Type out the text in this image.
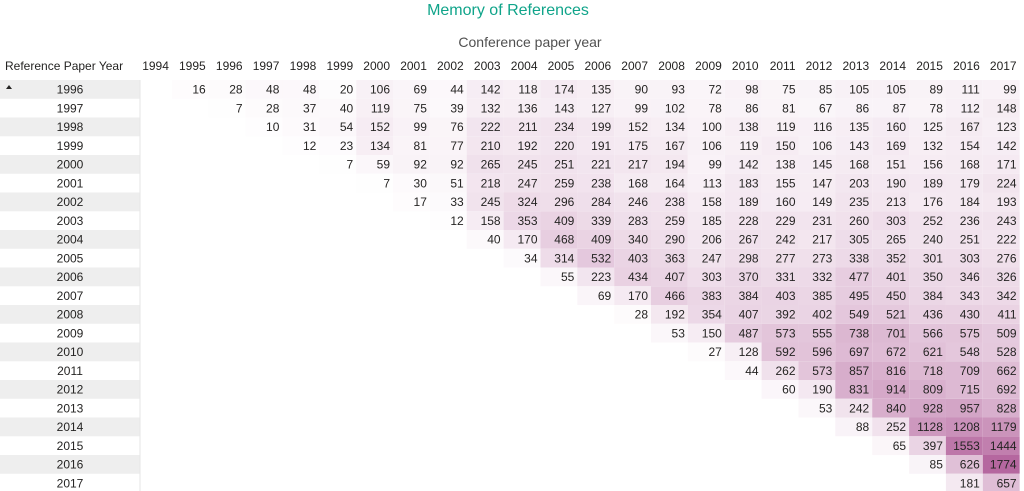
Memory of References
Conference paper year
16 28 48 48 20 106 69 44 142 118 174 135 90 93 72 98 75 85 105 105 89 111 99
7 28 37 40 119 75 39 132 136 143 127 99 102 78 86 81 67 86 87 78 112 148
10 31 54 152 99 76 222 211 234 199 152 134 100 138 119 116 135 160 125 167 123
12 23 134 81 77 210 192 220 191 175 167 106 119 150 106 143 169 132 154 142
7 59 92 92 265 245 251 221 217 194 99 142 138 145 168 151 156 168 171
7 30 51 218 247 259 238 168 164 113 183 155 147 203 190 189 179 224
17 33 245 324 296 284 246 238 158 189 160 149 235 213 176 184 193
12 158 353 409 339 283 259 185 228 229 231 260 303 252 236 243
40 170 468 409 340 290 206 267 242 217 305 265 240 251 222
34 314 532 403 363 247 298 277 273 338 352 301 303 276
55 223 434 407 303 370 331 332 477 401 350 346 326
69 170 466 383 384 403 385 495 450 384 343 342
28 192 354 407 392 402 549 521 436 430 411
53 150 487 573 555 738 701 566 575 509
27 128 592 596 697 672 621 548 528
44 262 573 857 816 718 709 662
60 190 831 914 809 715 692
53 242 840 928 957 828
88 252 1128 1208 1179
65 397 1553 1444
85 626 1774
181 657
1994 1995 1996 1997 1998 1999 2000 2001 2002 2003 2004 2005 2006 2007 2008 2009 2010 2011 2012 2013 2014 2015 2016 2017
1996
1997
1998
1999
2000
2001
2002
2003
2004
2005
2006
2007
2008
2009
2010
2011
2012
2013
2014
2015
2016
2017
Reference Paper Year
